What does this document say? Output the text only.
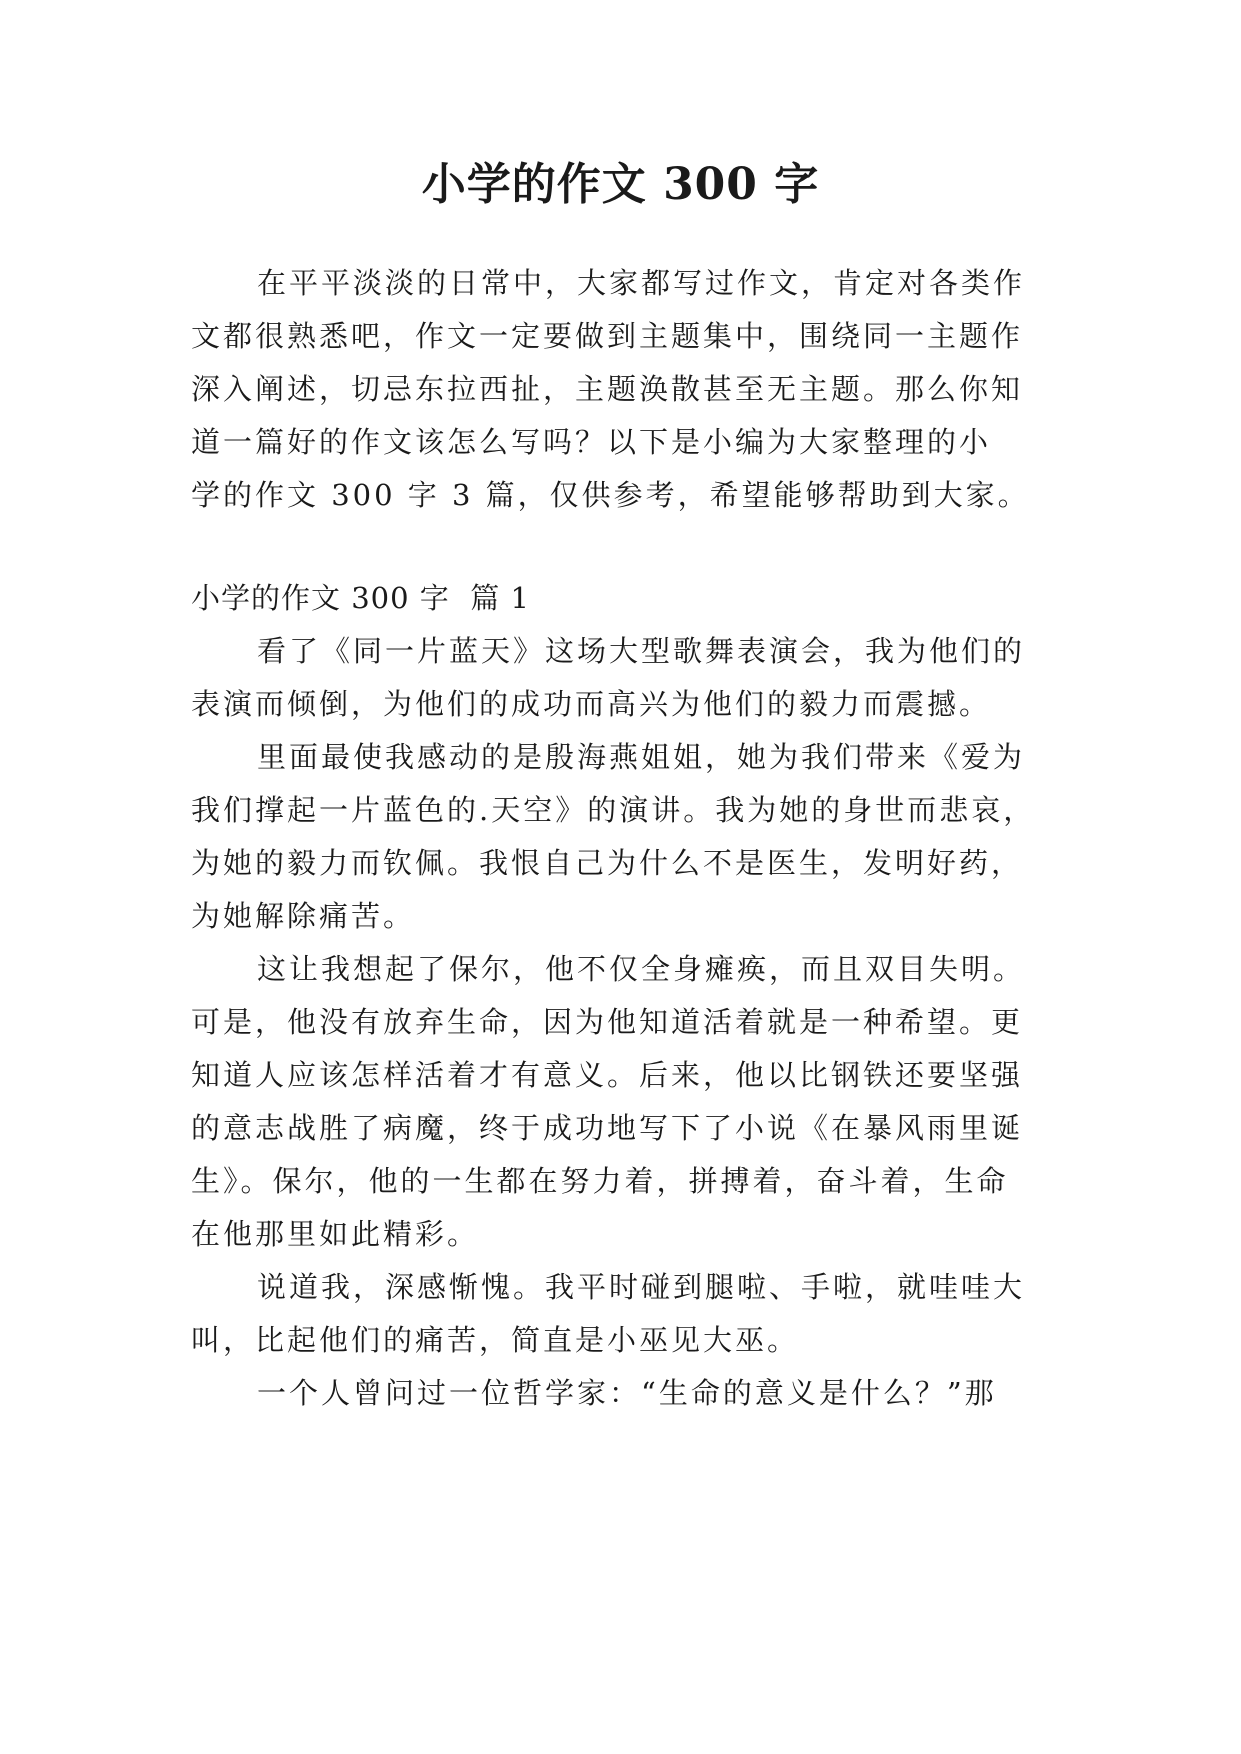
小学的作文 300 字
在平平淡淡的日常中，大家都写过作文，肯定对各类作
文都很熟悉吧，作文一定要做到主题集中，围绕同一主题作
深入阐述，切忌东拉西扯，主题涣散甚至无主题。那么你知
道一篇好的作文该怎么写吗？以下是小编为大家整理的小
学的作文 300 字 3 篇，仅供参考，希望能够帮助到大家。
小学的作文 300 字  篇 1
看了《同一片蓝天》这场大型歌舞表演会，我为他们的
表演而倾倒，为他们的成功而高兴为他们的毅力而震撼。
里面最使我感动的是殷海燕姐姐，她为我们带来《爱为
我们撑起一片蓝色的.天空》的演讲。我为她的身世而悲哀，
为她的毅力而钦佩。我恨自己为什么不是医生，发明好药，
为她解除痛苦。
这让我想起了保尔，他不仅全身瘫痪，而且双目失明。
可是，他没有放弃生命，因为他知道活着就是一种希望。更
知道人应该怎样活着才有意义。后来，他以比钢铁还要坚强
的意志战胜了病魔，终于成功地写下了小说《在暴风雨里诞
生》。保尔，他的一生都在努力着，拼搏着，奋斗着，生命
在他那里如此精彩。
说道我，深感惭愧。我平时碰到腿啦、手啦，就哇哇大
叫，比起他们的痛苦，简直是小巫见大巫。
一个人曾问过一位哲学家：“生命的意义是什么？”那
